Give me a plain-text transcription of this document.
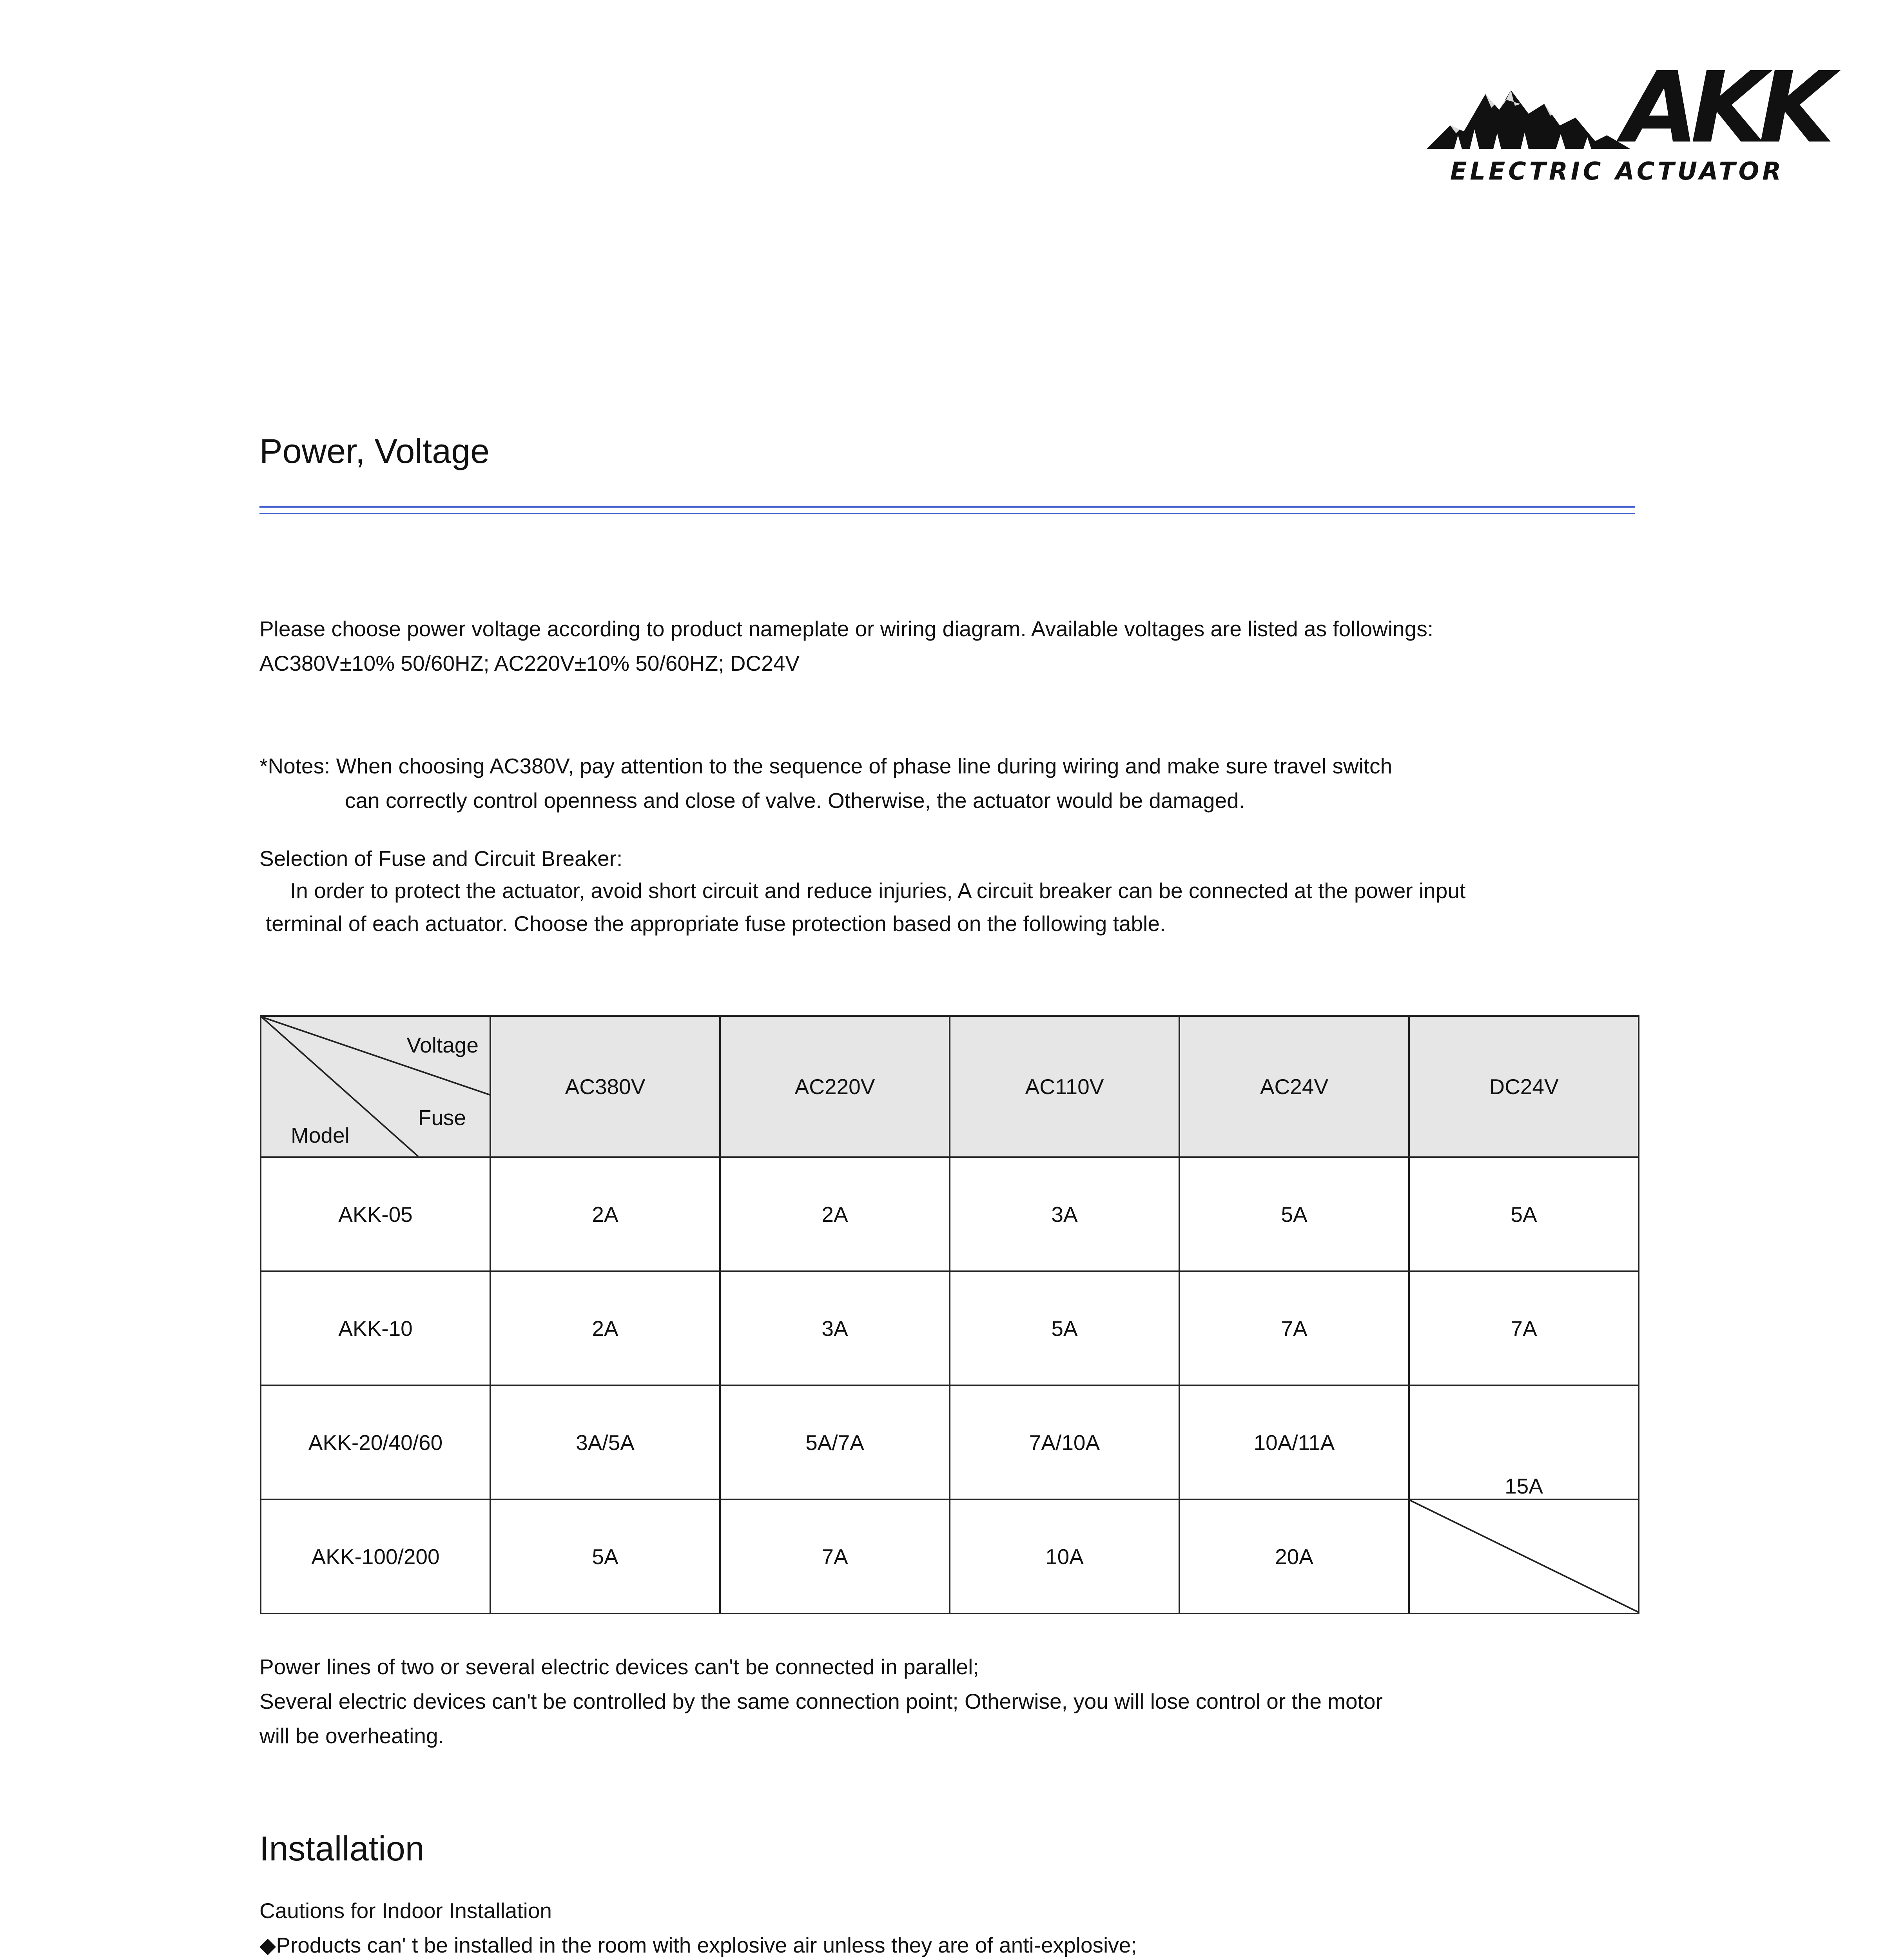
AKK
ELECTRIC ACTUATOR
Power, Voltage
Please choose power voltage according to product nameplate or wiring diagram. Available voltages are listed as followings:
AC380V±10% 50/60HZ; AC220V±10% 50/60HZ; DC24V
*Notes: When choosing AC380V, pay attention to the sequence of phase line during wiring and make sure travel switch
can correctly control openness and close of valve. Otherwise, the actuator would be damaged.
Selection of Fuse and Circuit Breaker:
In order to protect the actuator, avoid short circuit and reduce injuries, A circuit breaker can be connected at the power input
terminal of each actuator. Choose the appropriate fuse protection based on the following table.
Voltage
Fuse
Model	AC380V	AC220V	AC110V	AC24V	DC24V
AKK-05	2A	2A	3A	5A	5A
AKK-10	2A	3A	5A	7A	7A
AKK-20/40/60	3A/5A	5A/7A	7A/10A	10A/11A	15A
AKK-100/200	5A	7A	10A	20A	
Power lines of two or several electric devices can't be connected in parallel;
Several electric devices can't be controlled by the same connection point; Otherwise, you will lose control or the motor
will be overheating.
Installation
Cautions for Indoor Installation
◆Products can' t be installed in the room with explosive air unless they are of anti-explosive;
